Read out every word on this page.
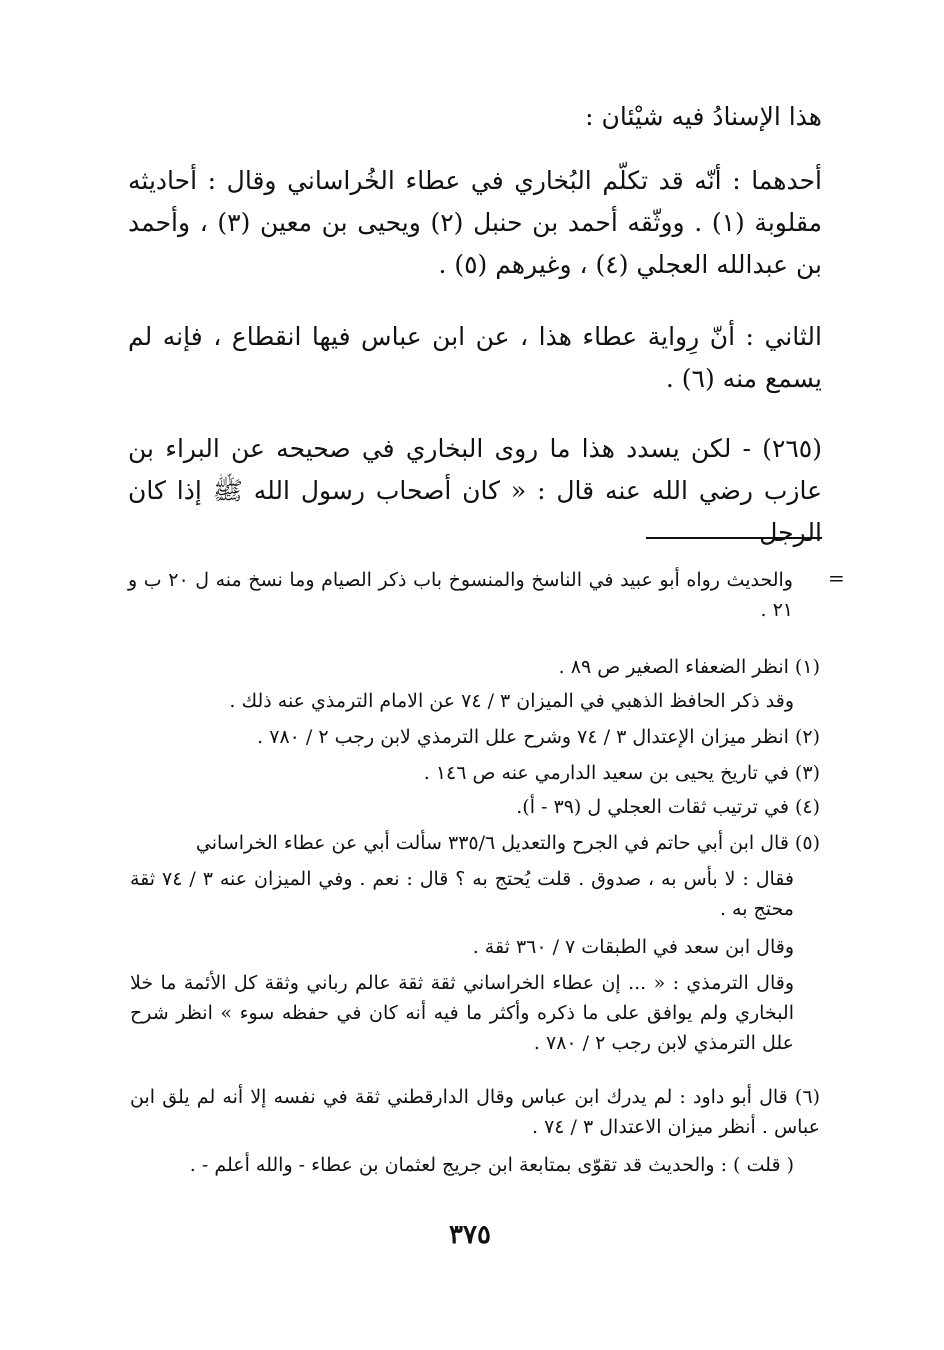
هذا الإسنادُ فيه شيْئان :

أحدهما : أنّه قد تكلّم البُخاري في عطاء الخُراساني وقال : أحاديثه مقلوبة (١) . ووثّقه أحمد بن حنبل (٢) ويحيى بن معين (٣) ، وأحمد بن عبدالله العجلي (٤) ، وغيرهم (٥) .

الثاني : أنّ رِواية عطاء هذا ، عن ابن عباس فيها انقطاع ، فإنه لم يسمع منه (٦) .

(٢٦٥) - لكن يسدد هذا ما روى البخاري في صحيحه عن البراء بن عازب رضي الله عنه قال : « كان أصحاب رسول الله ﷺ إذا كان الرجل

=

والحديث رواه أبو عبيد في الناسخ والمنسوخ باب ذكر الصيام وما نسخ منه ل ٢٠ ب و ٢١ .

(١) انظر الضعفاء الصغير ص ٨٩ .

وقد ذكر الحافظ الذهبي في الميزان ٣ / ٧٤ عن الامام الترمذي عنه ذلك .

(٢) انظر ميزان الإعتدال ٣ / ٧٤ وشرح علل الترمذي لابن رجب ٢ / ٧٨٠ .

(٣) في تاريخ يحيى بن سعيد الدارمي عنه ص ١٤٦ .

(٤) في ترتيب ثقات العجلي ل (٣٩ - أ).

(٥) قال ابن أبي حاتم في الجرح والتعديل ٣٣٥/٦ سألت أبي عن عطاء الخراساني

فقال : لا بأس به ، صدوق . قلت يُحتج به ؟ قال : نعم . وفي الميزان عنه ٣ / ٧٤ ثقة محتج به .

وقال ابن سعد في الطبقات ٧ / ٣٦٠ ثقة .

وقال الترمذي : « ... إن عطاء الخراساني ثقة ثقة عالم رباني وثقة كل الأئمة ما خلا البخاري ولم يوافق على ما ذكره وأكثر ما فيه أنه كان في حفظه سوء » انظر شرح علل الترمذي لابن رجب ٢ / ٧٨٠ .

(٦) قال أبو داود : لم يدرك ابن عباس وقال الدارقطني ثقة في نفسه إلا أنه لم يلق ابن عباس . أنظر ميزان الاعتدال ٣ / ٧٤ .

( قلت ) : والحديث قد تقوّى بمتابعة ابن جريج لعثمان بن عطاء - والله أعلم - .

٣٧٥
